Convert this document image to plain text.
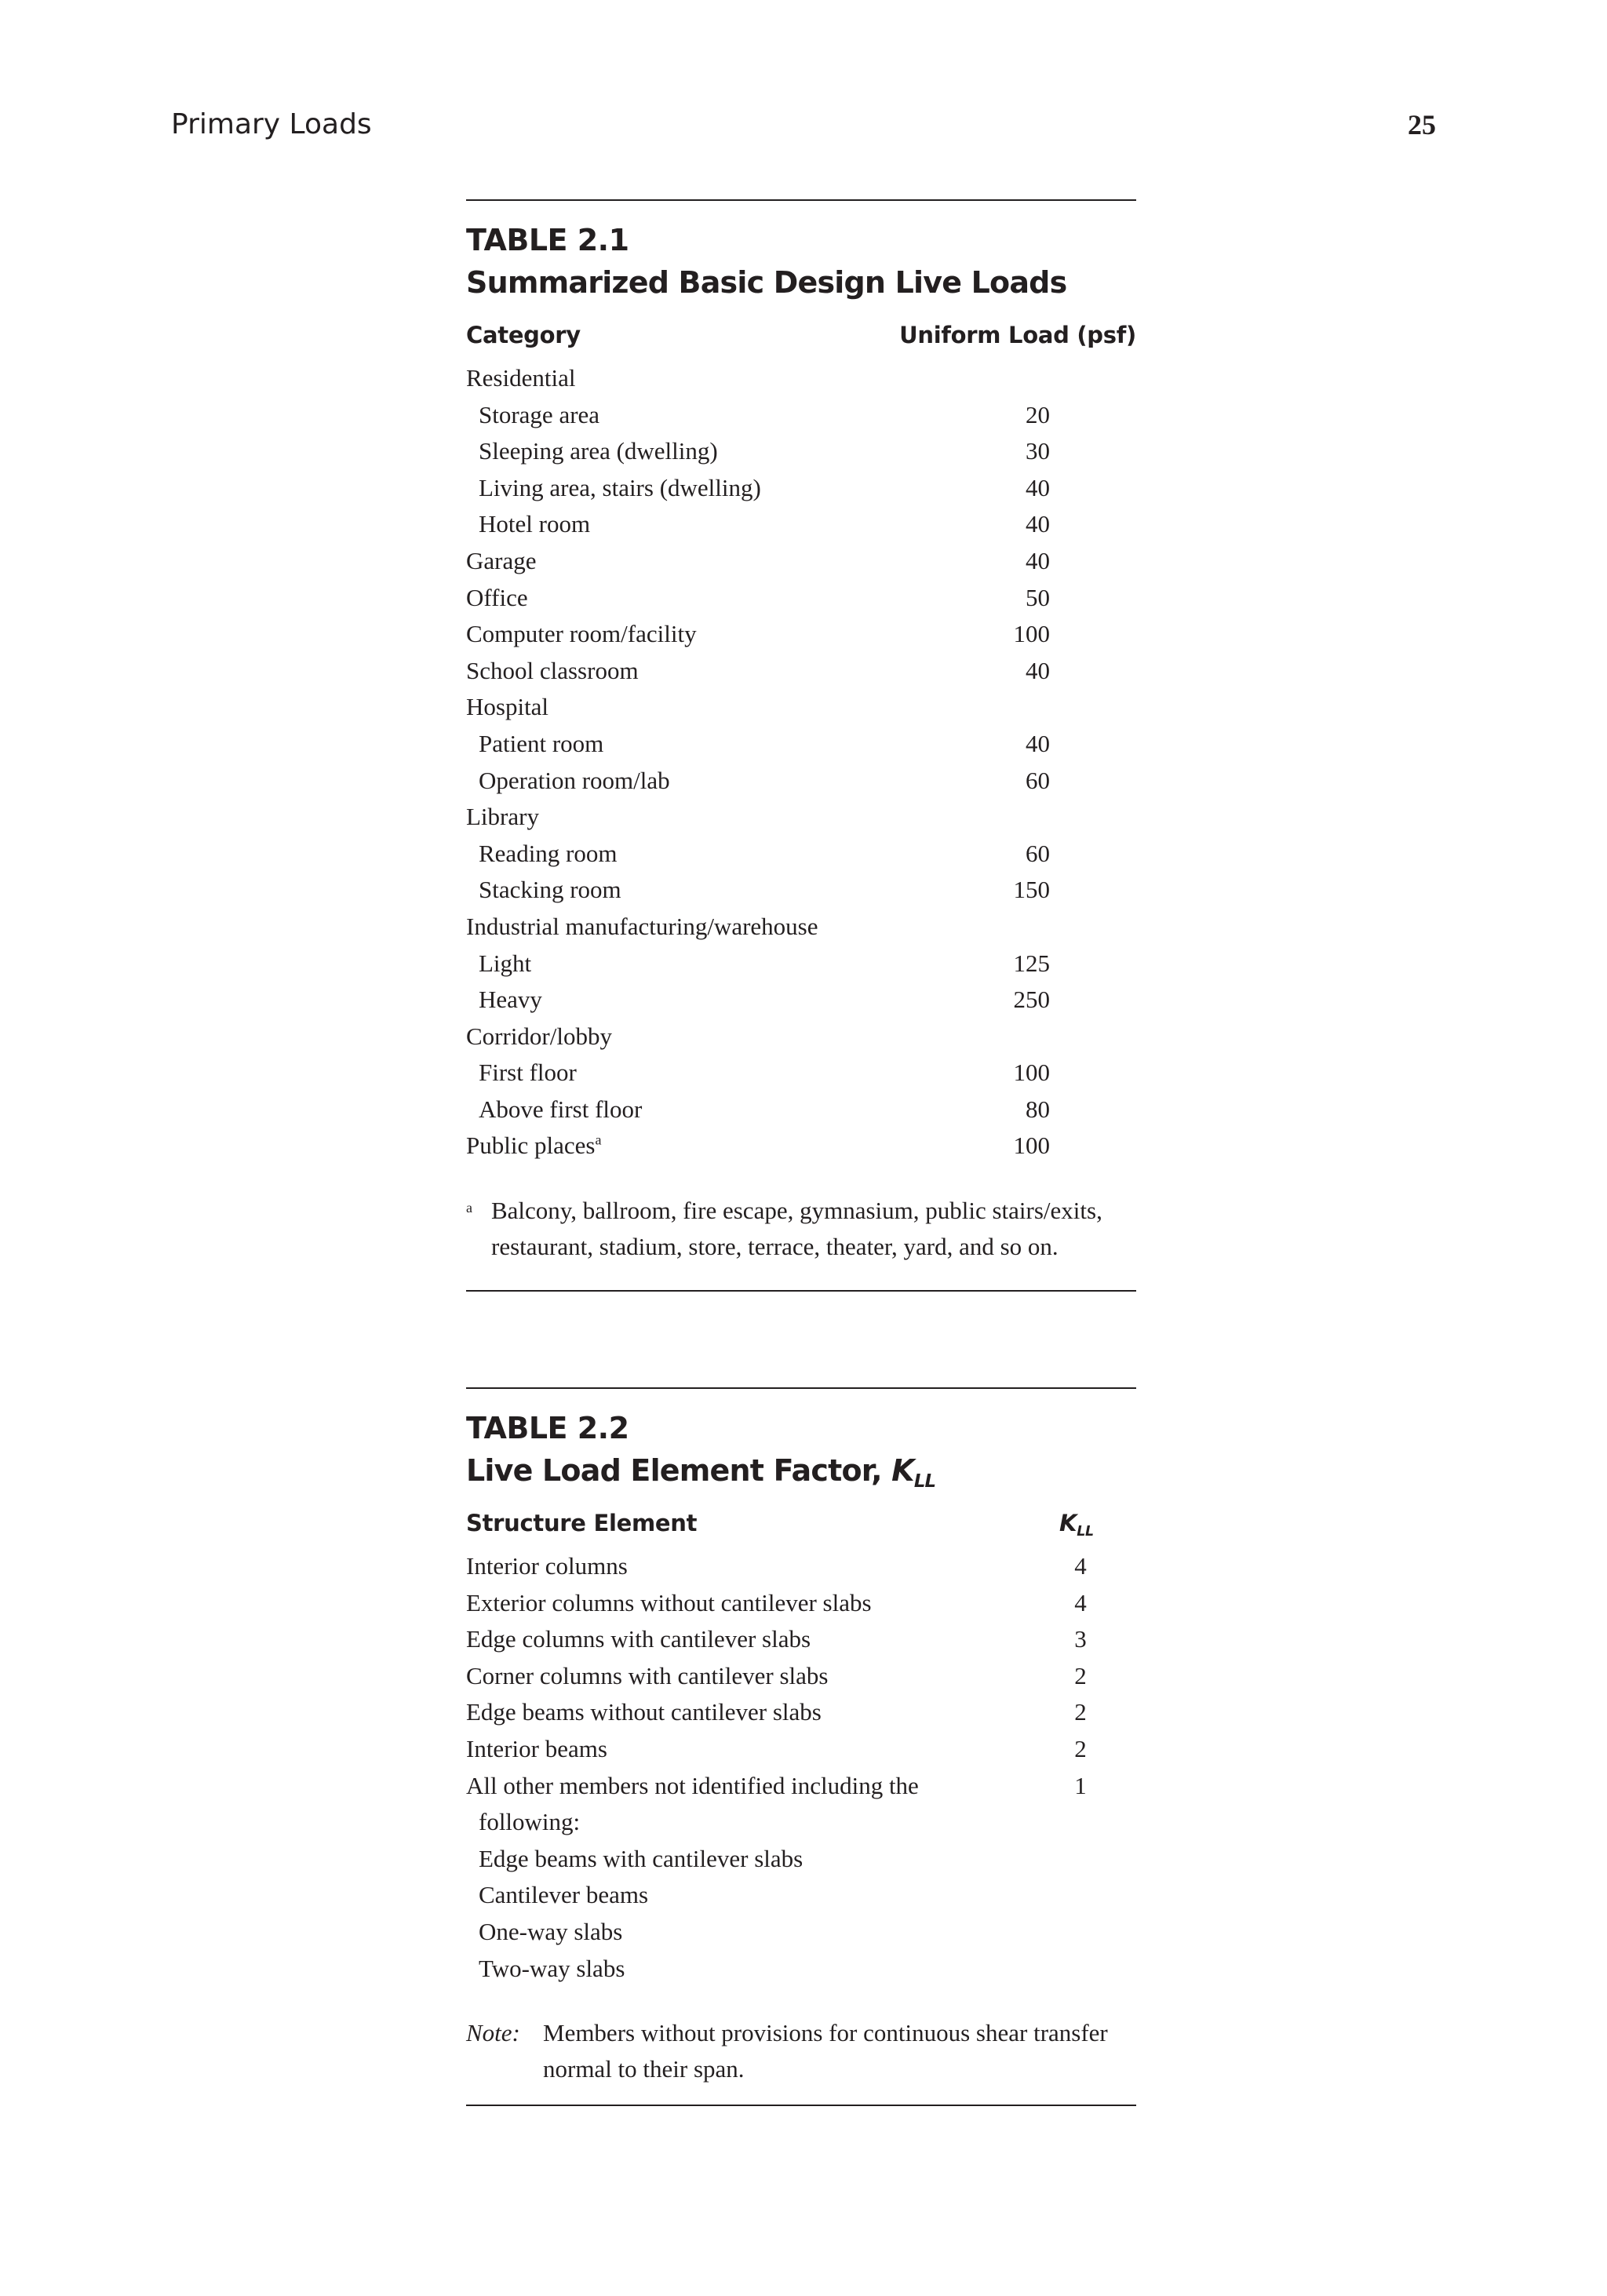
Primary Loads	25
TABLE 2.1
Summarized Basic Design Live Loads
Category	Uniform Load (psf)
Residential
Storage area	20
Sleeping area (dwelling)	30
Living area, stairs (dwelling)	40
Hotel room	40
Garage	40
Office	50
Computer room/facility	100
School classroom	40
Hospital
Patient room	40
Operation room/lab	60
Library
Reading room	60
Stacking room	150
Industrial manufacturing/warehouse
Light	125
Heavy	250
Corridor/lobby
First floor	100
Above first floor	80
Public places$^a$	100
a Balcony, ballroom, fire escape, gymnasium, public stairs/exits,
restaurant, stadium, store, terrace, theater, yard, and so on.
TABLE 2.2
Live Load Element Factor, $K_{LL}$
Structure Element	$K_{LL}$
Interior columns	4
Exterior columns without cantilever slabs	4
Edge columns with cantilever slabs	3
Corner columns with cantilever slabs	2
Edge beams without cantilever slabs	2
Interior beams	2
All other members not identified including the	1
following:
Edge beams with cantilever slabs
Cantilever beams
One-way slabs
Two-way slabs
Note: Members without provisions for continuous shear transfer
normal to their span.
